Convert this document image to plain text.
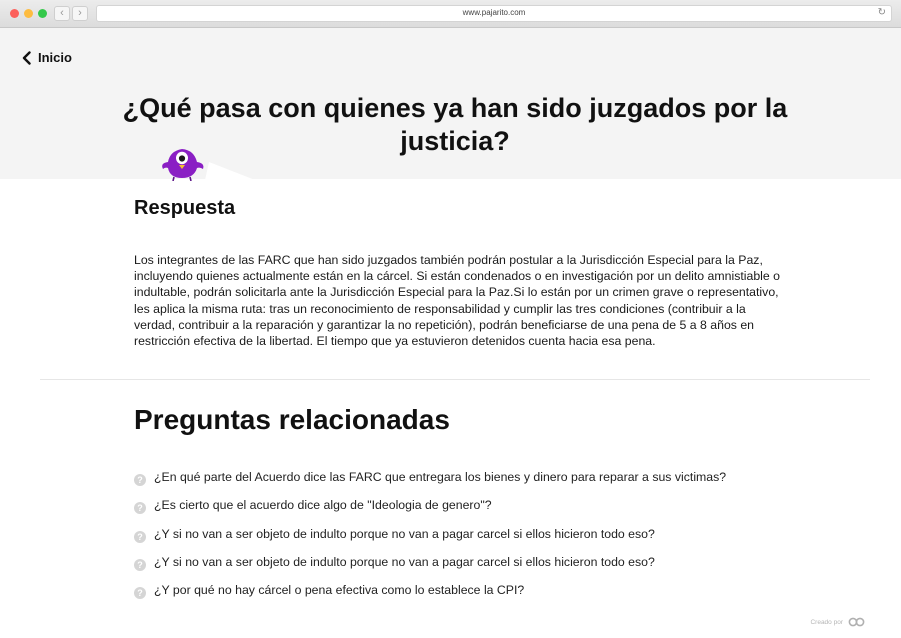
‹	›	www.pajarito.com	↻
Inicio
¿Qué pasa con quienes ya han sido juzgados por la justicia?
Respuesta

Los integrantes de las FARC que han sido juzgados también podrán postular a la Jurisdicción Especial para la Paz, incluyendo quienes actualmente están en la cárcel. Si están condenados o en investigación por un delito amnistiable o indultable, podrán solicitarla ante la Jurisdicción Especial para la Paz.Si lo están por un crimen grave o representativo, les aplica la misma ruta: tras un reconocimiento de responsabilidad y cumplir las tres condiciones (contribuir a la verdad, contribuir a la reparación y garantizar la no repetición), podrán beneficiarse de una pena de 5 a 8 años en restricción efectiva de la libertad. El tiempo que ya estuvieron detenidos cuenta hacia esa pena.

Preguntas relacionadas
? ¿En qué parte del Acuerdo dice las FARC que entregara los bienes y dinero para reparar a sus victimas?
? ¿Es cierto que el acuerdo dice algo de "Ideologia de genero"?
? ¿Y si no van a ser objeto de indulto porque no van a pagar carcel si ellos hicieron todo eso?
? ¿Y si no van a ser objeto de indulto porque no van a pagar carcel si ellos hicieron todo eso?
? ¿Y por qué no hay cárcel o pena efectiva como lo establece la CPI?
Creado por
